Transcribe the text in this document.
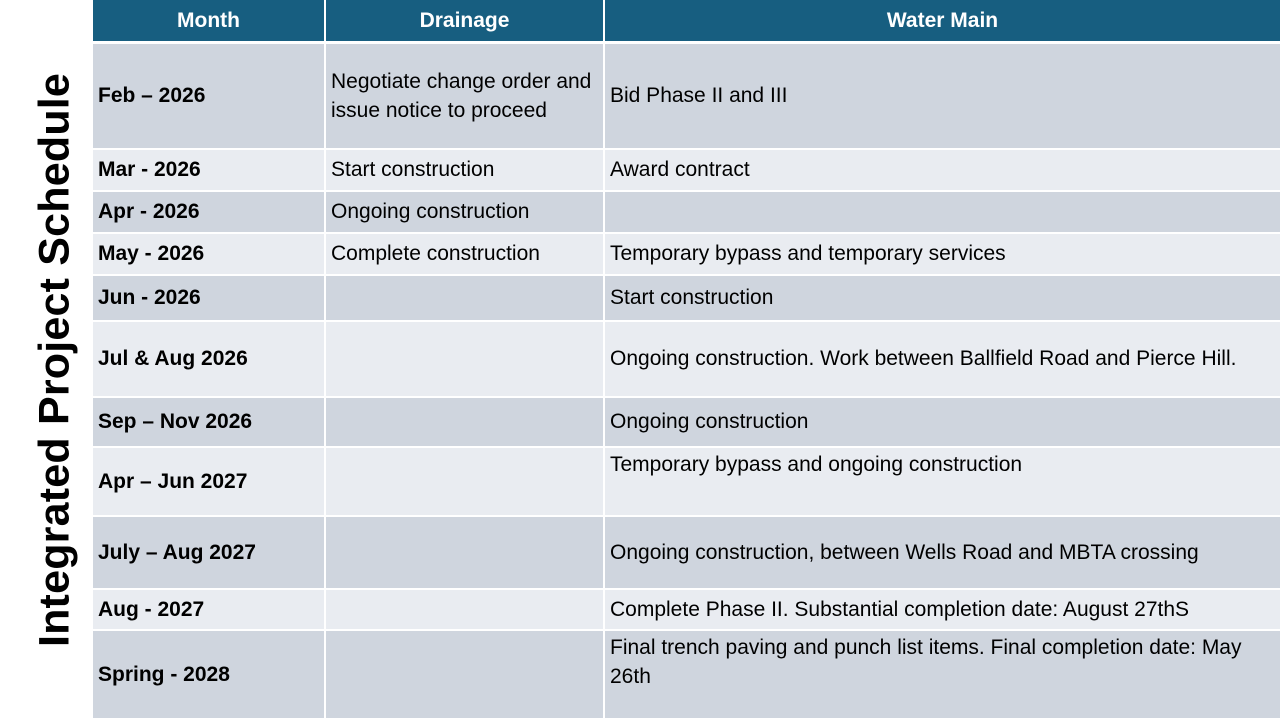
Integrated Project Schedule
Month	Drainage	Water Main
Feb – 2026	Negotiate change order and issue notice to proceed	Bid Phase II and III
Mar - 2026	Start construction	Award contract
Apr - 2026	Ongoing construction	
May - 2026	Complete construction	Temporary bypass and temporary services
Jun - 2026		Start construction
Jul & Aug 2026		Ongoing construction. Work between Ballfield Road and Pierce Hill.
Sep – Nov 2026		Ongoing construction
Apr – Jun 2027		Temporary bypass and ongoing construction
July – Aug 2027		Ongoing construction, between Wells Road and MBTA crossing
Aug - 2027		Complete Phase II. Substantial completion date: August 27thS
Spring - 2028		Final trench paving and punch list items. Final completion date: May 26th
